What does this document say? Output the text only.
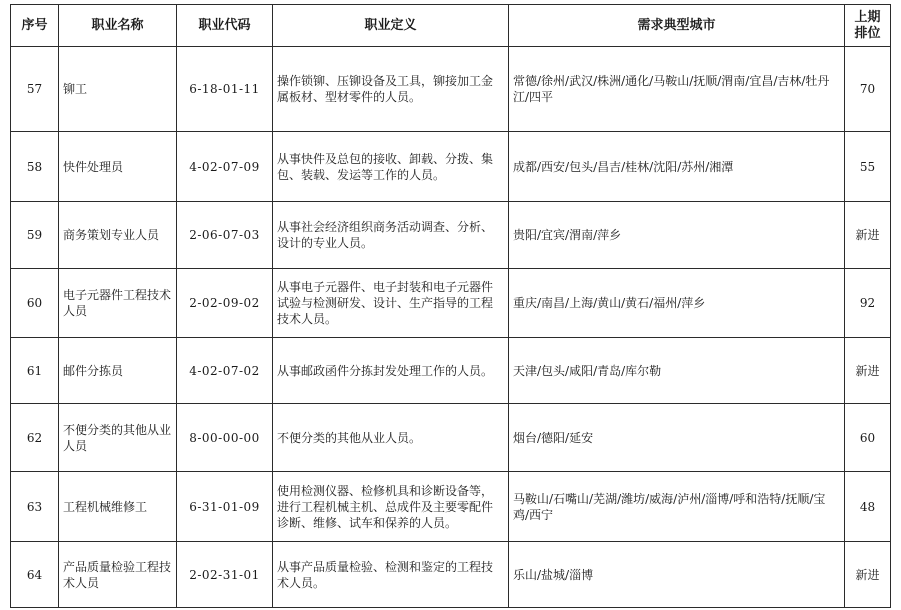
序号	职业名称	职业代码	职业定义	需求典型城市	上期
排位
57	铆工	6-18-01-11	操作锁铆、压铆设备及工具，铆接加工金属板材、型材零件的人员。	常德/徐州/武汉/株洲/通化/马鞍山/抚顺/渭南/宜昌/吉林/牡丹江/四平	70
58	快件处理员	4-02-07-09	从事快件及总包的接收、卸载、分拨、集包、装载、发运等工作的人员。	成都/西安/包头/昌吉/桂林/沈阳/苏州/湘潭	55
59	商务策划专业人员	2-06-07-03	从事社会经济组织商务活动调查、分析、设计的专业人员。	贵阳/宜宾/渭南/萍乡	新进
60	电子元器件工程技术人员	2-02-09-02	从事电子元器件、电子封装和电子元器件试验与检测研发、设计、生产指导的工程技术人员。	重庆/南昌/上海/黄山/黄石/福州/萍乡	92
61	邮件分拣员	4-02-07-02	从事邮政函件分拣封发处理工作的人员。	天津/包头/咸阳/青岛/库尔勒	新进
62	不便分类的其他从业人员	8-00-00-00	不便分类的其他从业人员。	烟台/德阳/延安	60
63	工程机械维修工	6-31-01-09	使用检测仪器、检修机具和诊断设备等，进行工程机械主机、总成件及主要零配件诊断、维修、试车和保养的人员。	马鞍山/石嘴山/芜湖/潍坊/威海/泸州/淄博/呼和浩特/抚顺/宝鸡/西宁	48
64	产品质量检验工程技术人员	2-02-31-01	从事产品质量检验、检测和鉴定的工程技术人员。	乐山/盐城/淄博	新进
